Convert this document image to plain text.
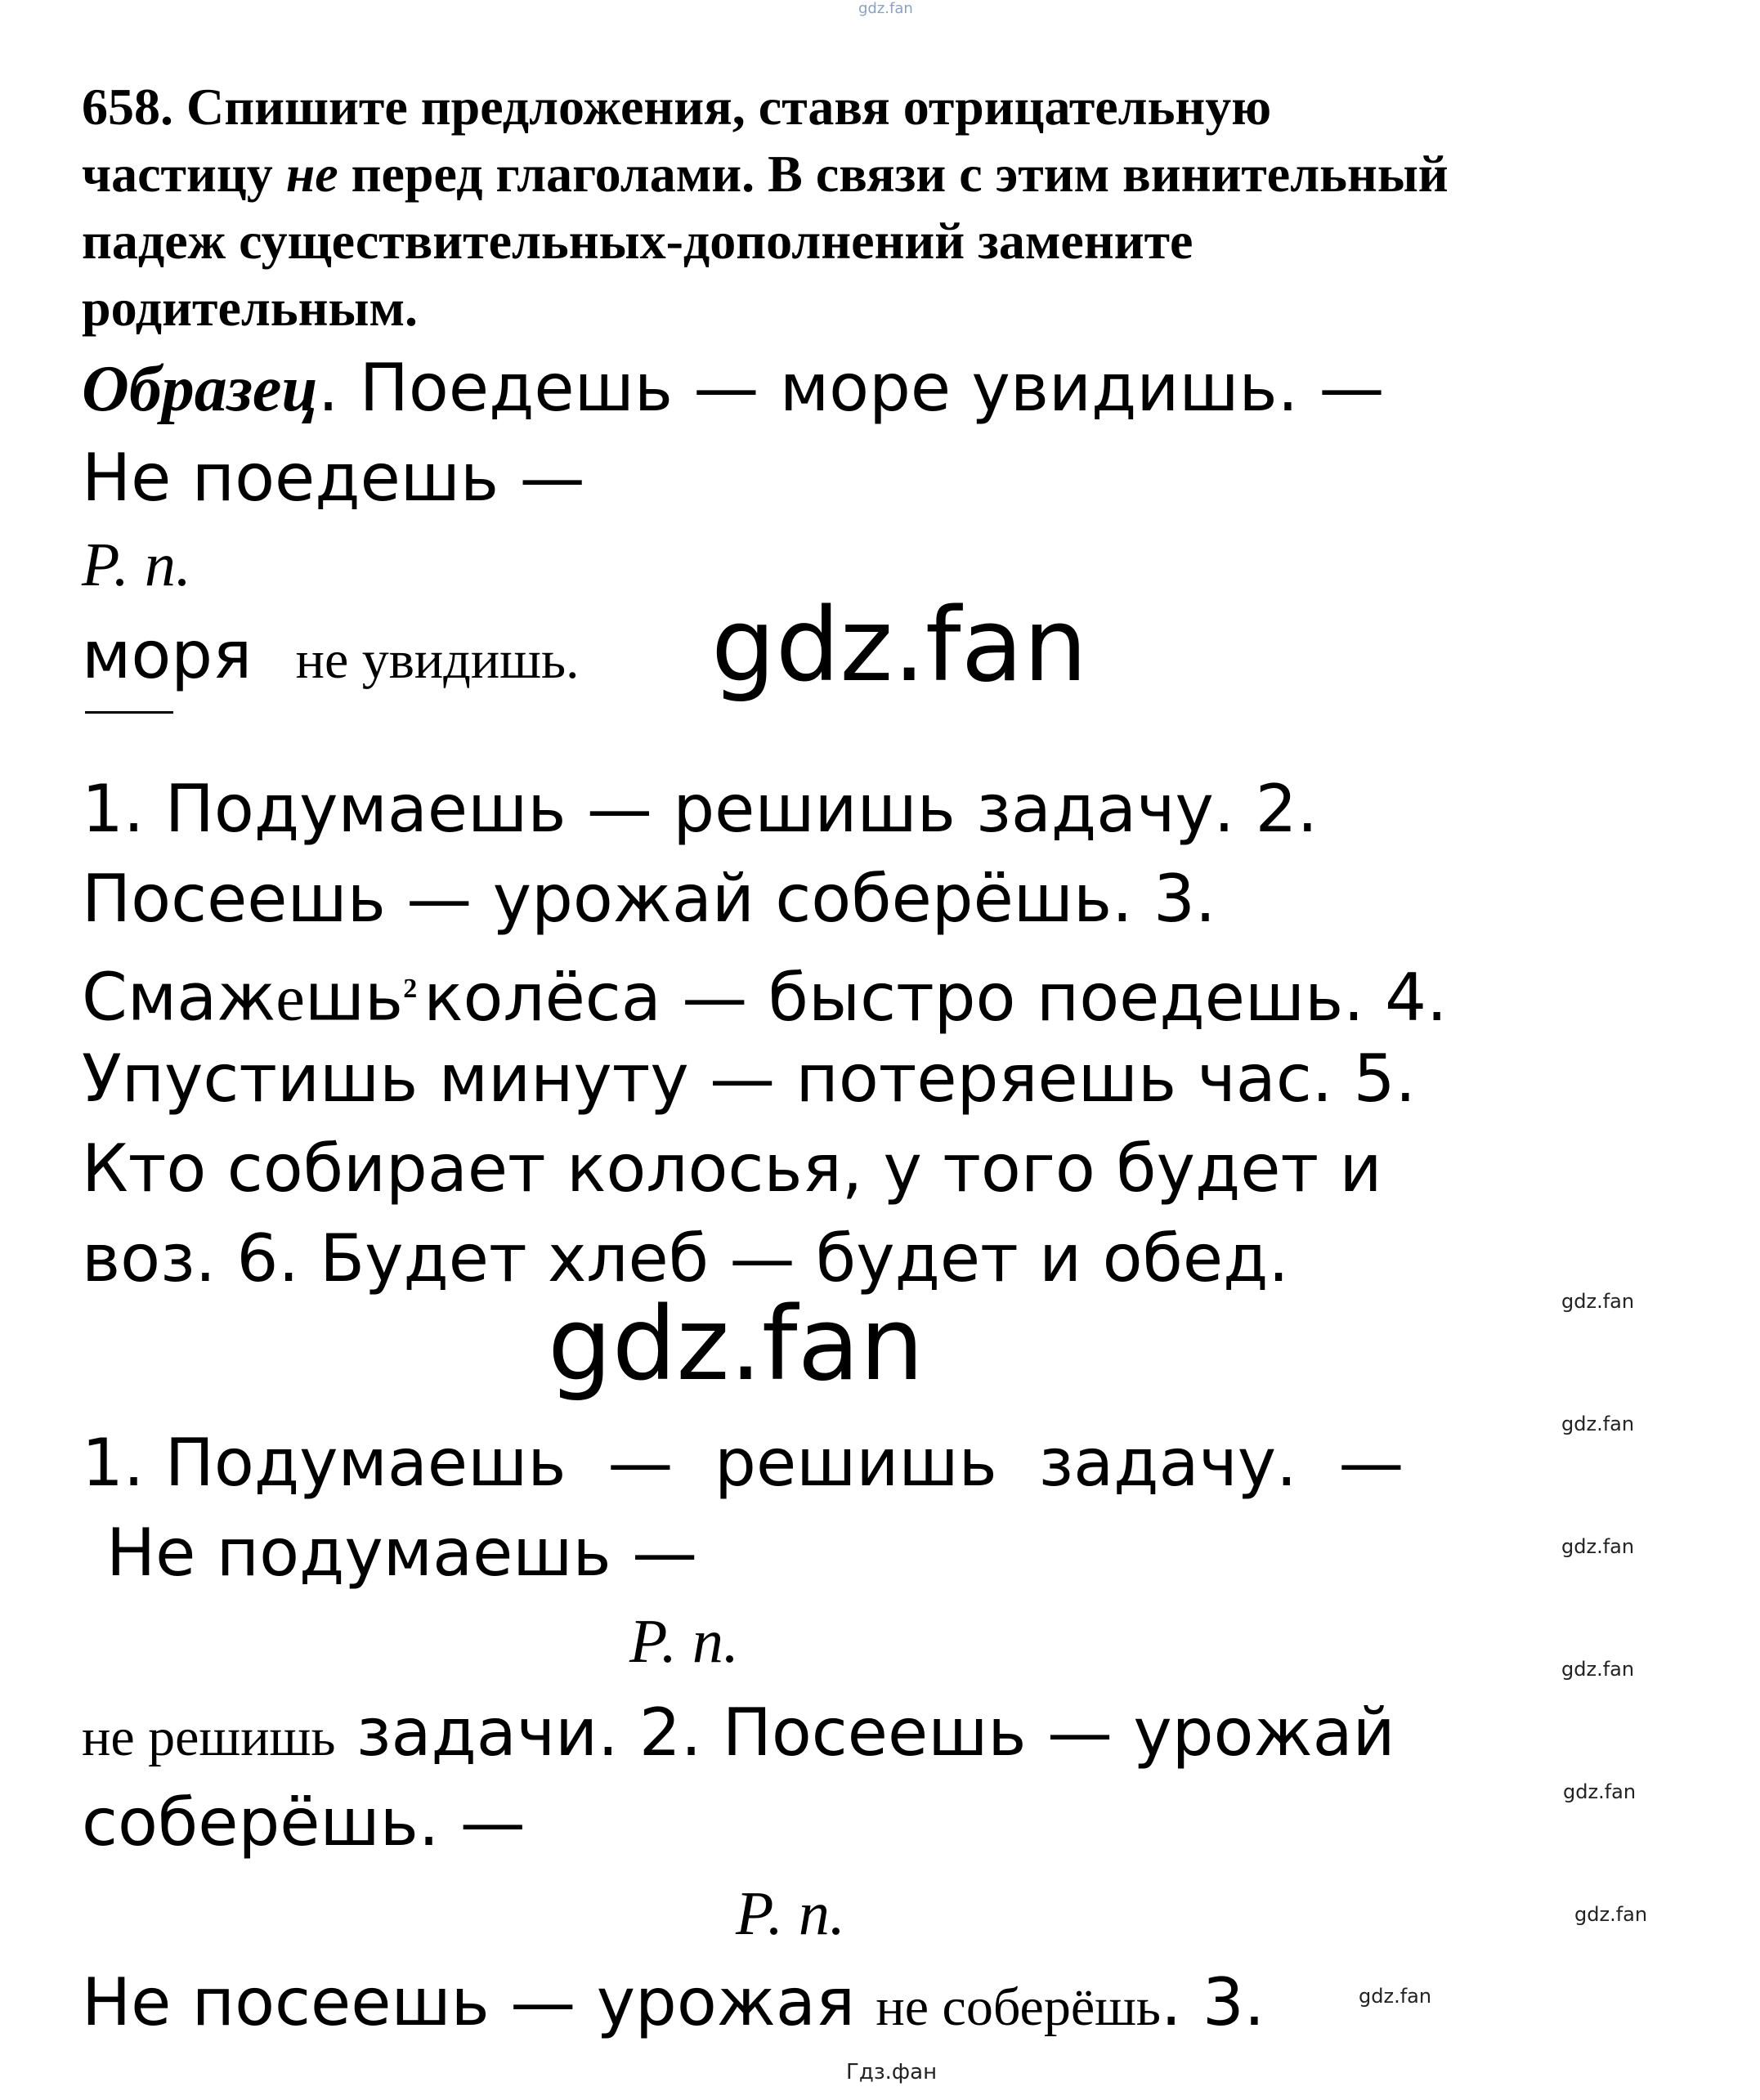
gdz.fan
658. Спишите предложения, ставя отрицательную
частицу не перед глаголами. В связи с этим винительный
падеж существительных-дополнений замените
родительным.
Образец. Поедешь — море увидишь. —
Не поедешь —
Р. п.
моря не увидишь. gdz.fan
1. Подумаешь — решишь задачу. 2.
Посеешь — урожай соберёшь. 3.
Смажешь$^2$ колёса — быстро поедешь. 4.
Упустишь минуту — потеряешь час. 5.
Кто собирает колосья, у того будет и
воз. 6. Будет хлеб — будет и обед.
gdz.fan
1. Подумаешь  —  решишь  задачу.  —
Не подумаешь —
Р. п.
не решишь задачи. 2. Посеешь — урожай
соберёшь. —
Р. п.
Не посеешь — урожая не соберёшь. 3.
gdz.fan
gdz.fan
gdz.fan
gdz.fan
gdz.fan
gdz.fan
gdz.fan
Гдз.фан
